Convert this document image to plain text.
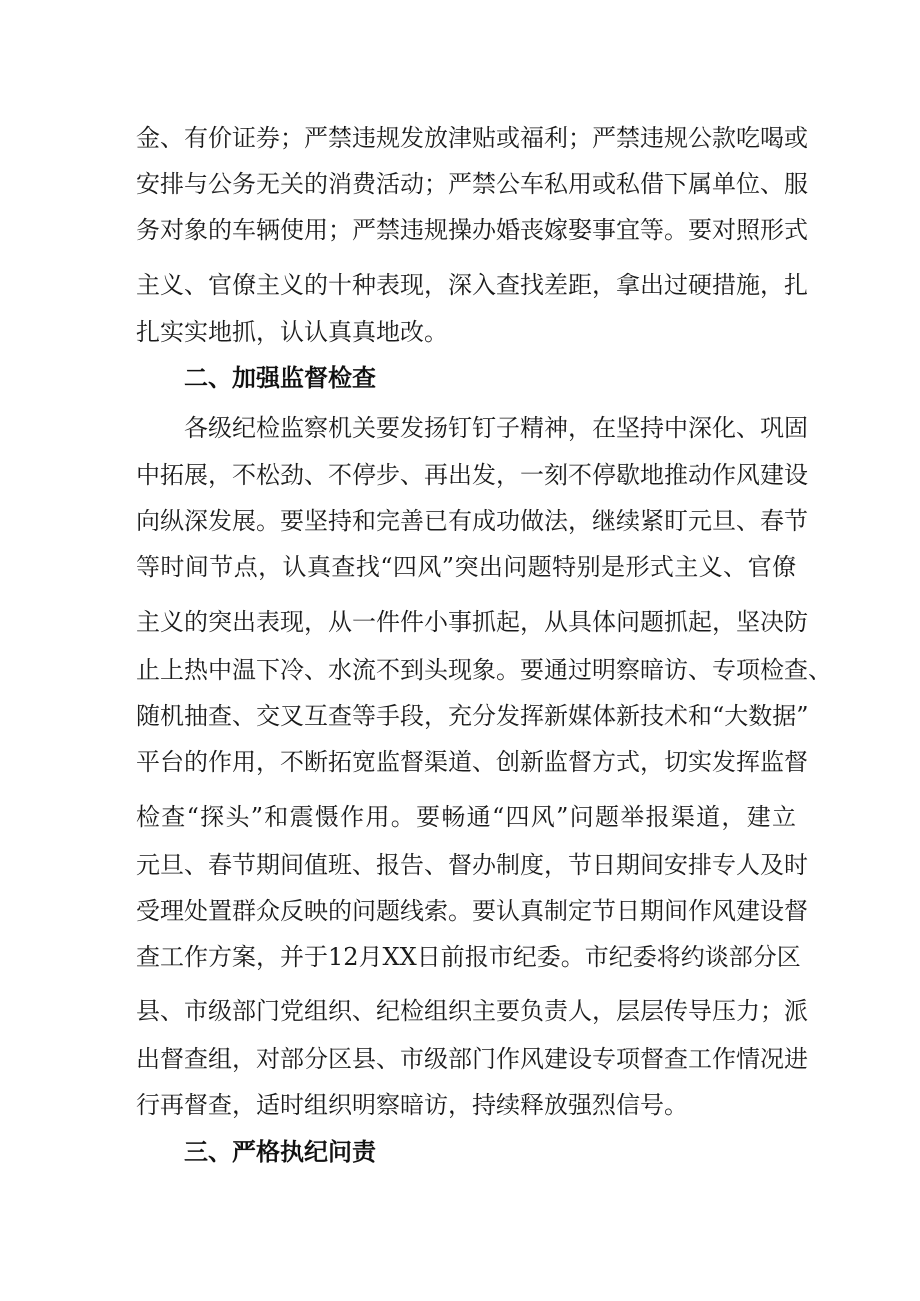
金、有价证券；严禁违规发放津贴或福利；严禁违规公款吃喝或
安排与公务无关的消费活动；严禁公车私用或私借下属单位、服
务对象的车辆使用；严禁违规操办婚丧嫁娶事宜等。要对照形式
主义、官僚主义的十种表现，深入查找差距，拿出过硬措施，扎
扎实实地抓，认认真真地改。
二、加强监督检查
各级纪检监察机关要发扬钉钉子精神，在坚持中深化、巩固
中拓展，不松劲、不停步、再出发，一刻不停歇地推动作风建设
向纵深发展。要坚持和完善已有成功做法，继续紧盯元旦、春节
等时间节点，认真查找“四风”突出问题特别是形式主义、官僚
主义的突出表现，从一件件小事抓起，从具体问题抓起，坚决防
止上热中温下冷、水流不到头现象。要通过明察暗访、专项检查、
随机抽查、交叉互查等手段，充分发挥新媒体新技术和“大数据”
平台的作用，不断拓宽监督渠道、创新监督方式，切实发挥监督
检查“探头”和震慑作用。要畅通“四风”问题举报渠道，建立
元旦、春节期间值班、报告、督办制度，节日期间安排专人及时
受理处置群众反映的问题线索。要认真制定节日期间作风建设督
查工作方案，并于12月XX日前报市纪委。市纪委将约谈部分区
县、市级部门党组织、纪检组织主要负责人，层层传导压力；派
出督查组，对部分区县、市级部门作风建设专项督查工作情况进
行再督查，适时组织明察暗访，持续释放强烈信号。
三、严格执纪问责
